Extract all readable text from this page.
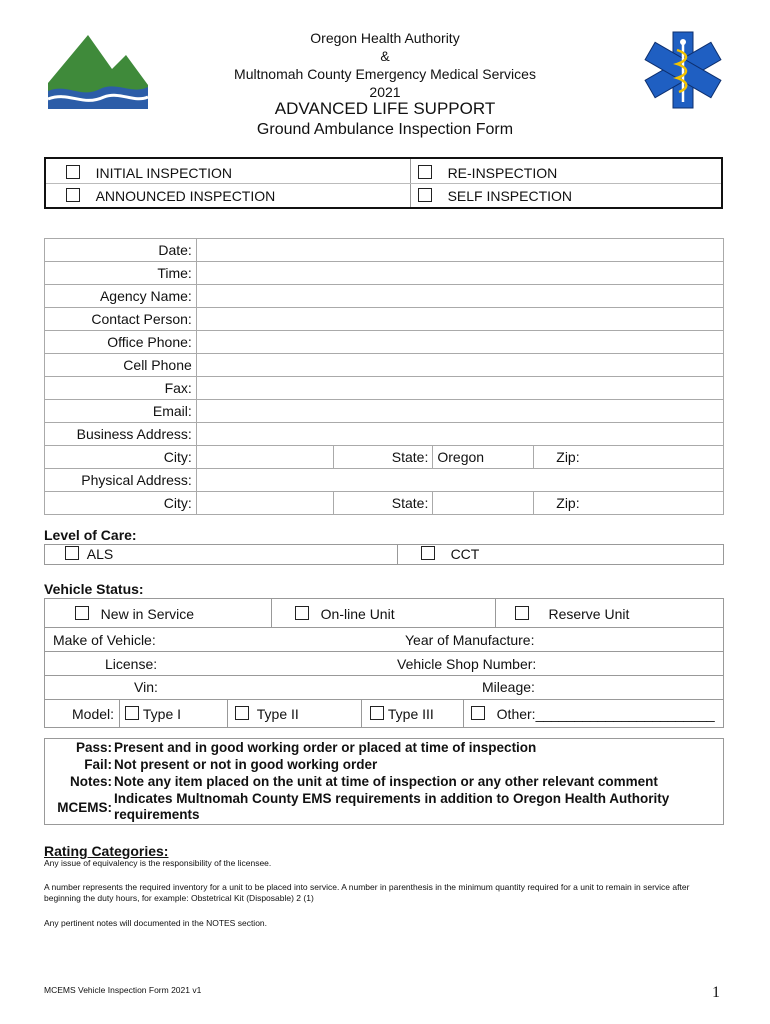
Oregon Health Authority
&
Multnomah County Emergency Medical Services
2021
ADVANCED LIFE SUPPORT
Ground Ambulance Inspection Form
INITIAL INSPECTION	RE-INSPECTION
ANNOUNCED INSPECTION	SELF INSPECTION
Date:				
Time:				
Agency Name:				
Contact Person:				
Office Phone:				
Cell Phone				
Fax:				
Email:				
Business Address:				
City:		State:	Oregon	Zip:
Physical Address:				
City:		State:		Zip:
Level of Care:
ALS	CCT
Vehicle Status:
New in Service	On-line Unit	Reserve Unit
Make of Vehicle:	Year of Manufacture:
License:	Vehicle Shop Number:
Vin:	Mileage:
Model:	Type I	Type II	Type III	Other:_______________________
Pass:	Present and in good working order or placed at time of inspection
Fail:	Not present or not in good working order
Notes:	Note any item placed on the unit at time of inspection or any other relevant comment
MCEMS:	Indicates Multnomah County EMS requirements in addition to Oregon Health Authority requirements
Rating Categories:
Any issue of equivalency is the responsibility of the licensee.
A number represents the required inventory for a unit to be placed into service. A number in parenthesis in the minimum quantity required for a unit to remain in service after beginning the duty hours, for example: Obstetrical Kit (Disposable) 2 (1)
Any pertinent notes will documented in the NOTES section.
MCEMS Vehicle Inspection Form 2021 v1	1
